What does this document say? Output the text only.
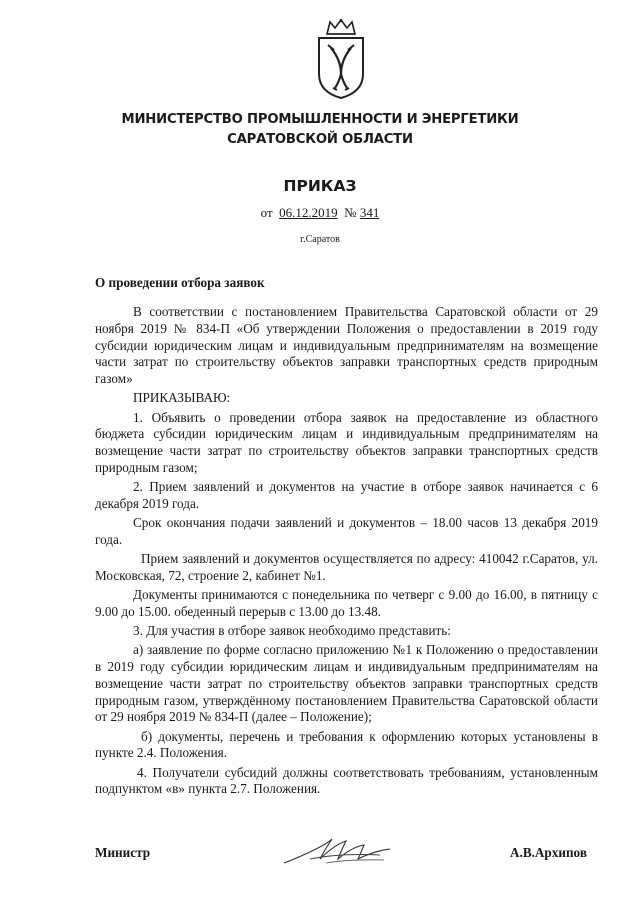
МИНИСТЕРСТВО ПРОМЫШЛЕННОСТИ И ЭНЕРГЕТИКИ
САРАТОВСКОЙ ОБЛАСТИ
ПРИКАЗ
от 06.12.2019 № 341
г.Саратов
О проведении отбора заявок

В соответствии с постановлением Правительства Саратовской области от 29 ноября 2019 № 834-П «Об утверждении Положения о предоставлении в 2019 году субсидии юридическим лицам и индивидуальным предпринимателям на возмещение части затрат по строительству объектов заправки транспортных средств природным газом»

ПРИКАЗЫВАЮ:

1. Объявить о проведении отбора заявок на предоставление из областного бюджета субсидии юридическим лицам и индивидуальным предпринимателям на возмещение части затрат по строительству объектов заправки транспортных средств природным газом;

2. Прием заявлений и документов на участие в отборе заявок начинается с 6 декабря 2019 года.

Срок окончания подачи заявлений и документов – 18.00 часов 13 декабря 2019 года.

Прием заявлений и документов осуществляется по адресу: 410042 г.Саратов, ул. Московская, 72, строение 2, кабинет №1.

Документы принимаются с понедельника по четверг с 9.00 до 16.00, в пятницу с 9.00 до 15.00. обеденный перерыв с 13.00 до 13.48.

3. Для участия в отборе заявок необходимо представить:

а) заявление по форме согласно приложению №1 к Положению о предоставлении в 2019 году субсидии юридическим лицам и индивидуальным предпринимателям на возмещение части затрат по строительству объектов заправки транспортных средств природным газом, утверждённому постановлением Правительства Саратовской области от 29 ноября 2019 № 834-П (далее – Положение);

б) документы, перечень и требования к оформлению которых установлены в пункте 2.4. Положения.

4. Получатели субсидий должны соответствовать требованиям, установленным подпунктом «в» пункта 2.7. Положения.

Министр	А.В.Архипов
